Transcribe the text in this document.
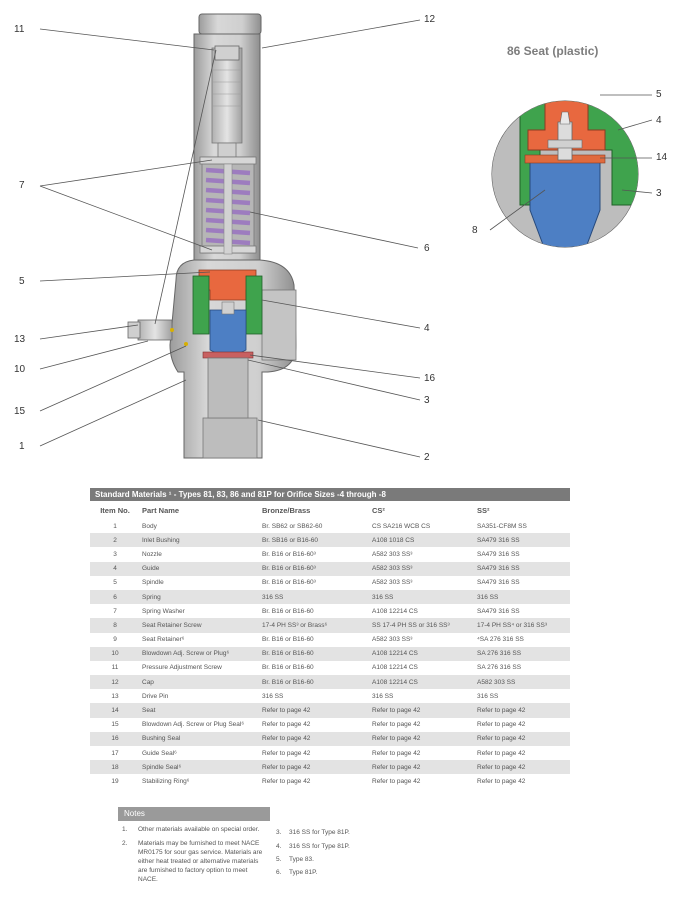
86 Seat (plastic)
11
12
7
6
5
4
13
10
15
1
16
3
2
5
4
14
3
8
Standard Materials ¹ - Types 81, 83, 86 and 81P for Orifice Sizes -4 through -8
Item No.	Part Name	Bronze/Brass	CS²	SS²
1	Body	Br. SB62 or SB62-60	CS SA216 WCB CS	SA351-CF8M SS
2	Inlet Bushing	Br. SB16 or B16-60	A108 1018 CS	SA479 316 SS
3	Nozzle	Br. B16 or B16-60³	A582 303 SS³	SA479 316 SS
4	Guide	Br. B16 or B16-60³	A582 303 SS³	SA479 316 SS
5	Spindle	Br. B16 or B16-60³	A582 303 SS³	SA479 316 SS
6	Spring	316 SS	316 SS	316 SS
7	Spring Washer	Br. B16 or B16-60	A108 12214 CS	SA479 316 SS
8	Seat Retainer Screw	17-4 PH SS³ or Brass⁶	SS 17-4 PH SS or 316 SS³	17-4 PH SS⁴ or 316 SS³
9	Seat Retainer⁶	Br. B16 or B16-60	A582 303 SS³	⁴SA 276 316 SS
10	Blowdown Adj. Screw or Plug⁶	Br. B16 or B16-60	A108 12214 CS	SA 276 316 SS
11	Pressure Adjustment Screw	Br. B16 or B16-60	A108 12214 CS	SA 276 316 SS
12	Cap	Br. B16 or B16-60	A108 12214 CS	A582 303 SS
13	Drive Pin	316 SS	316 SS	316 SS
14	Seat	Refer to page 42	Refer to page 42	Refer to page 42
15	Blowdown Adj. Screw or Plug Seal⁶	Refer to page 42	Refer to page 42	Refer to page 42
16	Bushing Seal	Refer to page 42	Refer to page 42	Refer to page 42
17	Guide Seal⁶	Refer to page 42	Refer to page 42	Refer to page 42
18	Spindle Seal⁶	Refer to page 42	Refer to page 42	Refer to page 42
19	Stabilizing Ring⁶	Refer to page 42	Refer to page 42	Refer to page 42
Notes
1. Other materials available on special order.
2. Materials may be furnished to meet NACE MR0175 for sour gas service. Materials are either heat treated or alternative materials are furnished to factory option to meet NACE.
3. 316 SS for Type 81P.
4. 316 SS for Type 81P.
5. Type 83.
6. Type 81P.
